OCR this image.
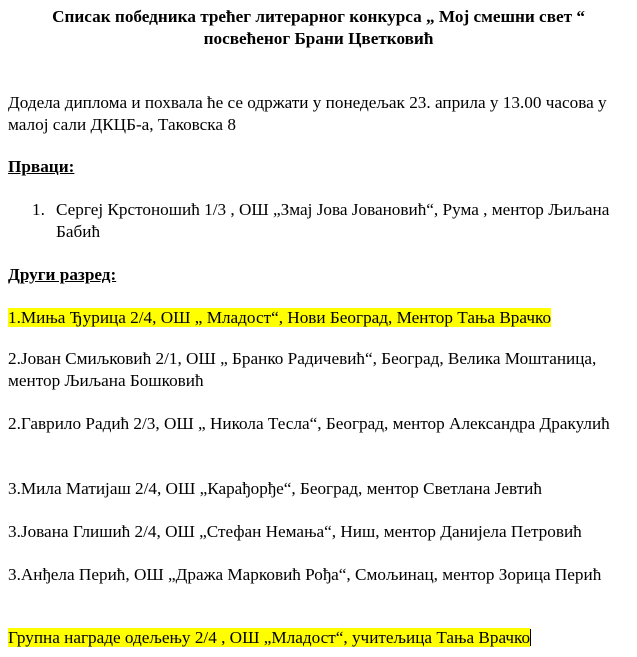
Списак победника трећег литерарног конкурса „ Мој смешни свет “
посвећеног Брани Цветковић

Додела диплома и похвала ће се одржати у понедељак 23. априла у 13.00 часова у малој сали ДКЦБ-а, Таковска 8

Прваци:

1. Сергеј Крстоношић 1/3 , ОШ „Змај Јова Јовановић“, Рума , ментор Љиљана Бабић

Други разред:

1.Миња Ђурица 2/4, ОШ „ Младост“, Нови Београд, Ментор Тања Врачко

2.Јован Смиљковић 2/1, ОШ „ Бранко Радичевић“, Београд, Велика Моштаница, ментор Љиљана Бошковић

2.Гаврило Радић 2/3, ОШ „ Никола Тесла“, Београд, ментор Александра Дракулић

3.Мила Матијаш 2/4, ОШ „Карађорђе“, Београд, ментор Светлана Јевтић

3.Јована Глишић 2/4, ОШ „Стефан Немања“, Ниш, ментор Данијела Петровић

3.Анђела Перић, ОШ „Дража Марковић Рођа“, Смољинац, ментор Зорица Перић

Групна награде одељењу 2/4 , ОШ „Младост“, учитељица Тања Врачко
